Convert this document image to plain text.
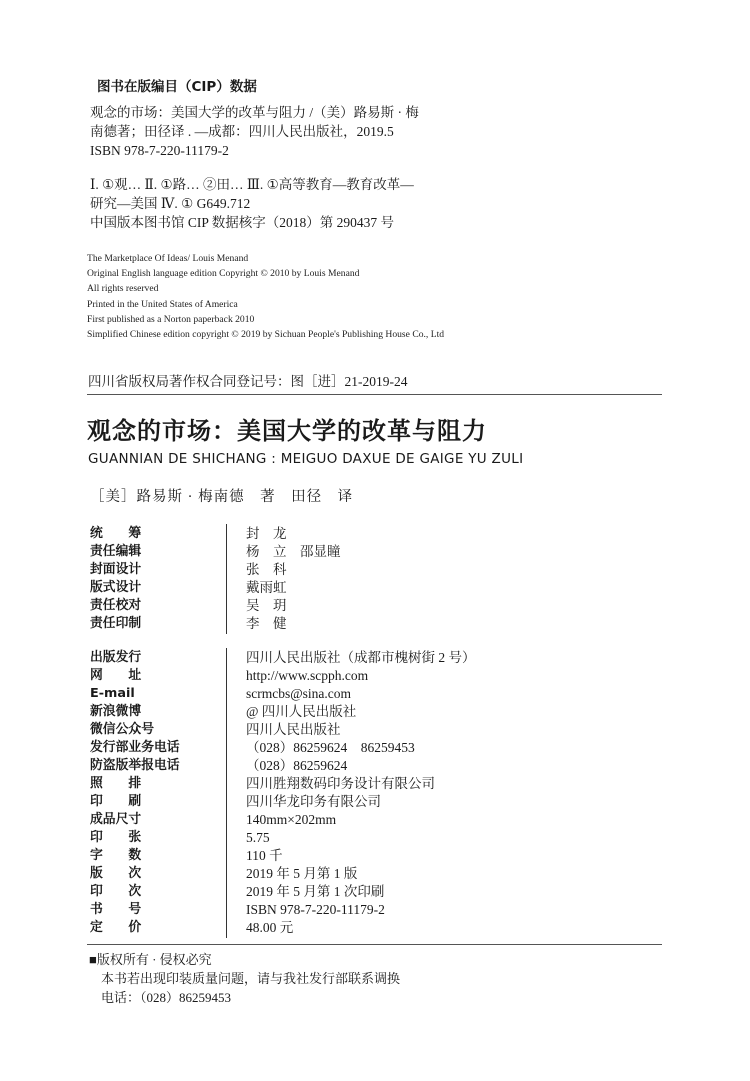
图书在版编目（CIP）数据
观念的市场：美国大学的改革与阻力 /（美）路易斯 · 梅
南德著；田径译 . —成都：四川人民出版社，2019.5
ISBN 978-7-220-11179-2
Ⅰ. ①观… Ⅱ. ①路… ②田… Ⅲ. ①高等教育—教育改革—
研究—美国 Ⅳ. ① G649.712
中国版本图书馆 CIP 数据核字（2018）第 290437 号
The Marketplace Of Ideas/ Louis Menand
Original English language edition Copyright © 2010 by Louis Menand
All rights reserved
Printed in the United States of America
First published as a Norton paperback 2010
Simplified Chinese edition copyright © 2019 by Sichuan People's Publishing House Co., Ltd
四川省版权局著作权合同登记号：图［进］21-2019-24
观念的市场：美国大学的改革与阻力
GUANNIAN DE SHICHANG : MEIGUO DAXUE DE GAIGE YU ZULI
［美］路易斯 · 梅南德　著　田径　译
统　　筹	封　龙
责任编辑	杨　立　邵显瞳
封面设计	张　科
版式设计	戴雨虹
责任校对	吴　玥
责任印制	李　健
出版发行	四川人民出版社（成都市槐树街 2 号）
网　　址	http://www.scpph.com
E-mail	scrmcbs@sina.com
新浪微博	@ 四川人民出版社
微信公众号	四川人民出版社
发行部业务电话	（028）86259624　86259453
防盗版举报电话	（028）86259624
照　　排	四川胜翔数码印务设计有限公司
印　　刷	四川华龙印务有限公司
成品尺寸	140mm×202mm
印　　张	5.75
字　　数	110 千
版　　次	2019 年 5 月第 1 版
印　　次	2019 年 5 月第 1 次印刷
书　　号	ISBN 978-7-220-11179-2
定　　价	48.00 元
■版权所有 · 侵权必究
本书若出现印装质量问题，请与我社发行部联系调换
电话：（028）86259453
